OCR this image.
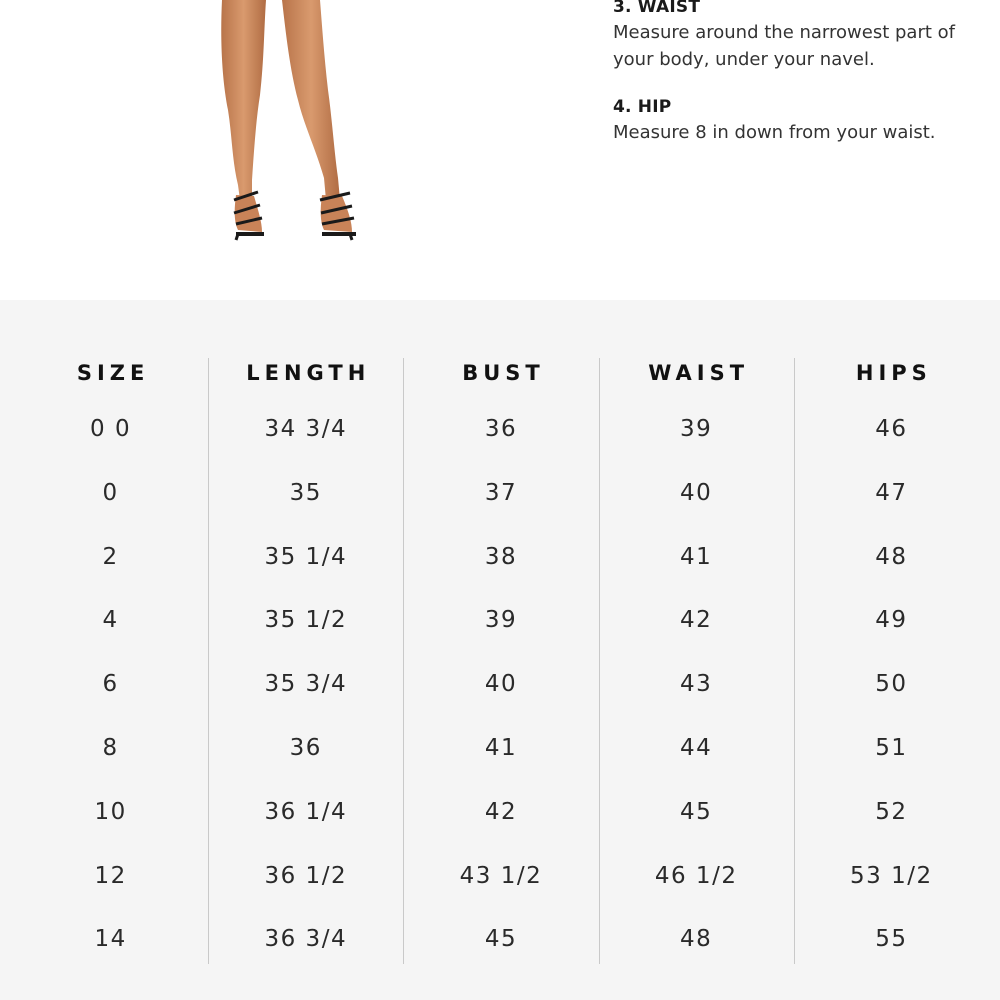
3. WAIST
Measure around the narrowest part of your body, under your navel.
4. HIP
Measure 8 in down from your waist.
SIZE
0 0
0
2
4
6
8
10
12
14
LENGTH
34 3/4
35
35 1/4
35 1/2
35 3/4
36
36 1/4
36 1/2
36 3/4
BUST
36
37
38
39
40
41
42
43 1/2
45
WAIST
39
40
41
42
43
44
45
46 1/2
48
HIPS
46
47
48
49
50
51
52
53 1/2
55
